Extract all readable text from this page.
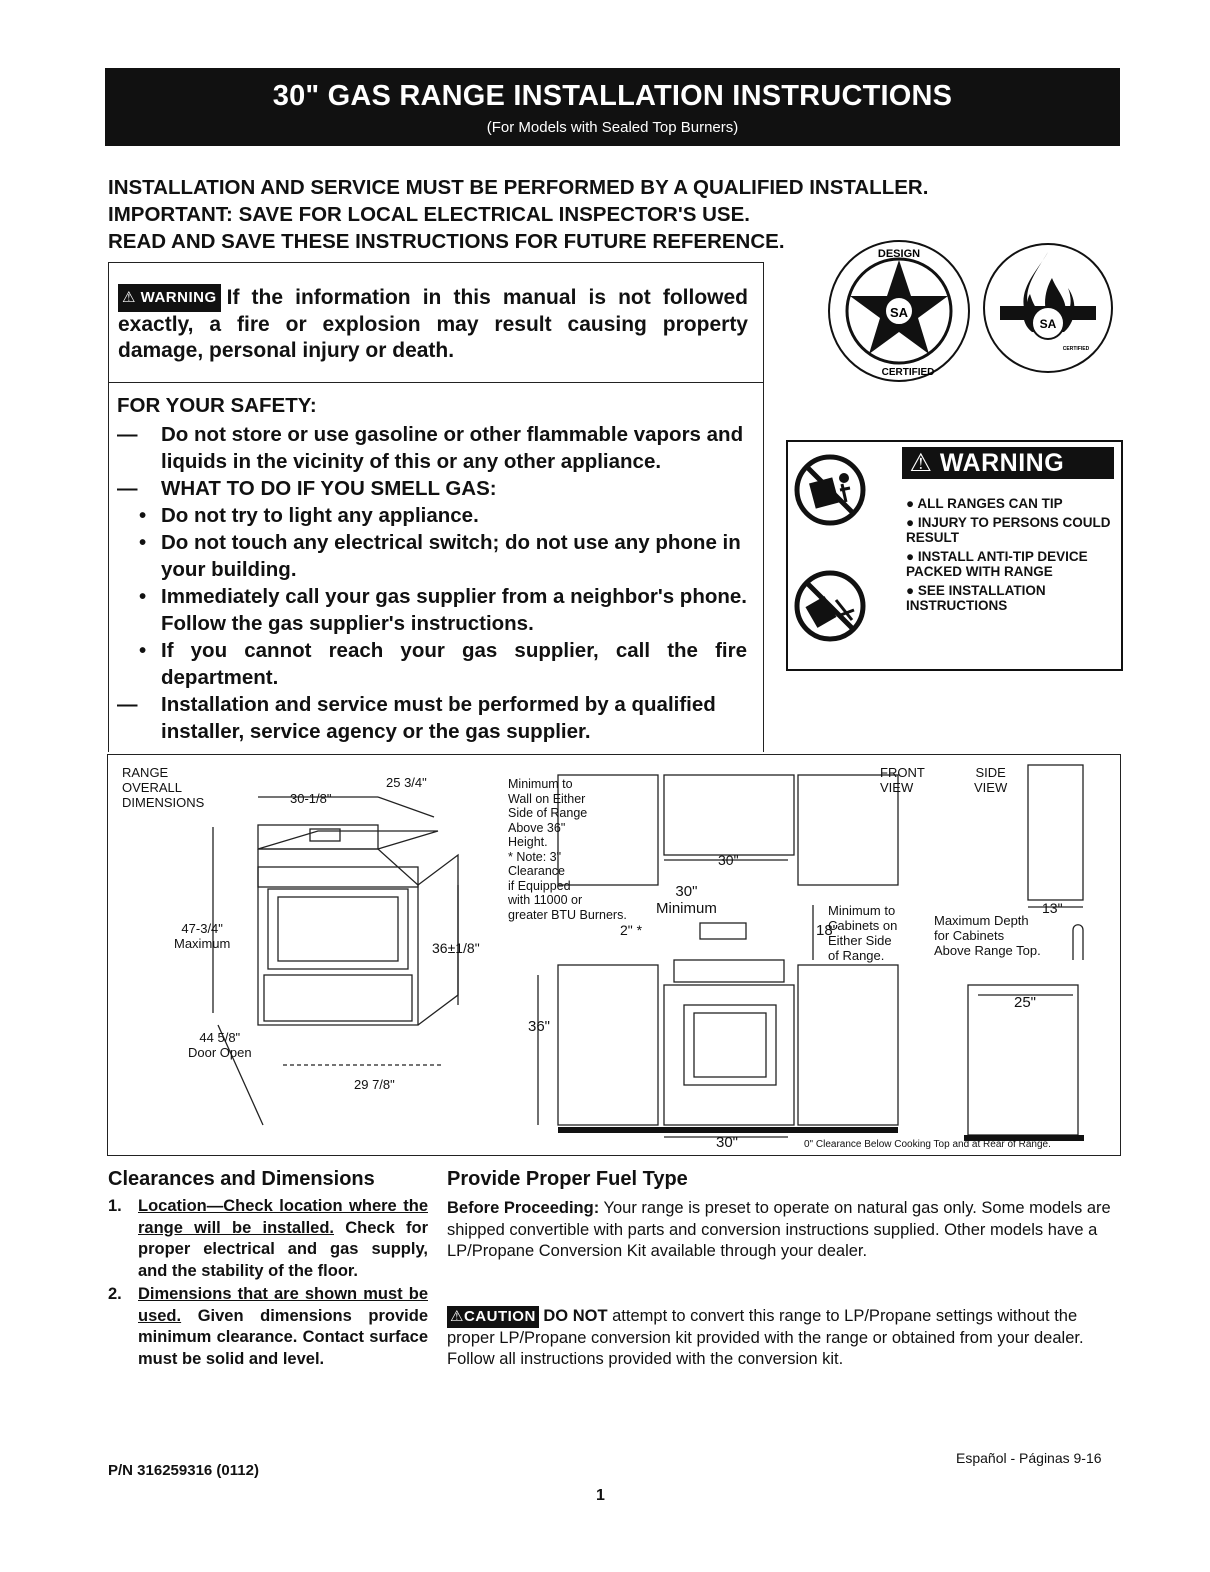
30" GAS RANGE INSTALLATION INSTRUCTIONS
(For Models with Sealed Top Burners)
INSTALLATION AND SERVICE MUST BE PERFORMED BY A QUALIFIED INSTALLER.
IMPORTANT: SAVE FOR LOCAL ELECTRICAL INSPECTOR'S USE.
READ AND SAVE THESE INSTRUCTIONS FOR FUTURE REFERENCE.
⚠ WARNING If the information in this manual is not followed exactly, a fire or explosion may result causing property damage, personal injury or death.
FOR YOUR SAFETY:
— Do not store or use gasoline or other flammable vapors and liquids in the vicinity of this or any other appliance.
— WHAT TO DO IF YOU SMELL GAS:
• Do not try to light any appliance.
• Do not touch any electrical switch; do not use any phone in your building.
• Immediately call your gas supplier from a neighbor's phone. Follow the gas supplier's instructions.
• If you cannot reach your gas supplier, call the fire department.
— Installation and service must be performed by a qualified installer, service agency or the gas supplier.
SA
DESIGN
CERTIFIED
SA
CERTIFIED
⚠ WARNING
● ALL RANGES CAN TIP
● INJURY TO PERSONS COULD RESULT
● INSTALL ANTI-TIP DEVICE PACKED WITH RANGE
● SEE INSTALLATION INSTRUCTIONS
RANGE
OVERALL
DIMENSIONS	30-1/8"
25 3/4"
47-3/4"
Maximum	36±1/8"
44 5/8"
Door Open
29 7/8"
Minimum to
Wall on Either
Side of Range
Above 36"
Height.
* Note: 3"
Clearance
if Equipped
with 11000 or
greater BTU Burners.
2" *
30"
30"
Minimum
18"
Minimum to
Cabinets on
Either Side
of Range.
FRONT
VIEW
SIDE
VIEW
13"
Maximum Depth
for Cabinets
Above Range Top.
25"
36"
30"	0" Clearance Below Cooking Top and at Rear of Range.
Clearances and Dimensions
1. Location—Check location where the range will be installed. Check for proper electrical and gas supply, and the stability of the floor.
2. Dimensions that are shown must be used. Given dimensions provide minimum clearance. Contact surface must be solid and level.
Provide Proper Fuel Type
Before Proceeding: Your range is preset to operate on natural gas only. Some models are shipped convertible with parts and conversion instructions supplied. Other models have a LP/Propane Conversion Kit available through your dealer.
⚠CAUTION DO NOT attempt to convert this range to LP/Propane settings without the proper LP/Propane conversion kit provided with the range or obtained from your dealer. Follow all instructions provided with the conversion kit.
P/N 316259316 (0112)
Español - Páginas 9-16
1
